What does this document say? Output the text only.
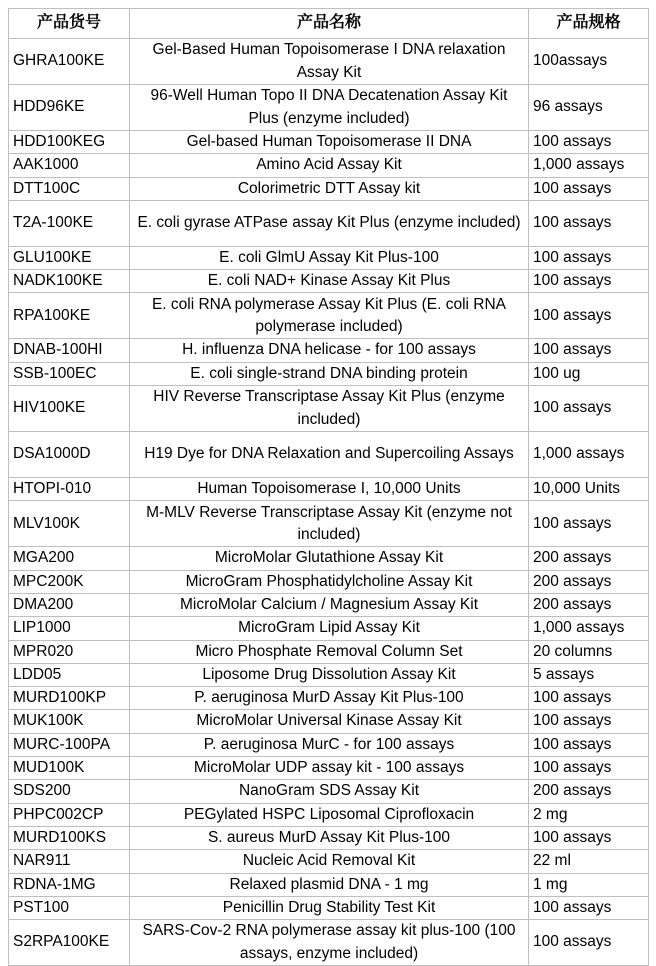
产品货号	产品名称	产品规格
GHRA100KE	Gel-Based Human Topoisomerase I DNA relaxation Assay Kit	100assays
HDD96KE	96-Well Human Topo II DNA Decatenation Assay Kit Plus (enzyme included)	96 assays
HDD100KEG	Gel-based Human Topoisomerase II DNA	100 assays
AAK1000	Amino Acid Assay Kit	1,000 assays
DTT100C	Colorimetric DTT Assay kit	100 assays
T2A-100KE	E. coli gyrase ATPase assay Kit Plus (enzyme included)	100 assays
GLU100KE	E. coli GlmU Assay Kit Plus-100	100 assays
NADK100KE	E. coli NAD+ Kinase Assay Kit Plus	100 assays
RPA100KE	E. coli RNA polymerase Assay Kit Plus (E. coli RNA polymerase included)	100 assays
DNAB-100HI	H. influenza DNA helicase - for 100 assays	100 assays
SSB-100EC	E. coli single-strand DNA binding protein	100 ug
HIV100KE	HIV Reverse Transcriptase Assay Kit Plus (enzyme included)	100 assays
DSA1000D	H19 Dye for DNA Relaxation and Supercoiling Assays	1,000 assays
HTOPI-010	Human Topoisomerase I, 10,000 Units	10,000 Units
MLV100K	M-MLV Reverse Transcriptase Assay Kit (enzyme not included)	100 assays
MGA200	MicroMolar Glutathione Assay Kit	200 assays
MPC200K	MicroGram Phosphatidylcholine Assay Kit	200 assays
DMA200	MicroMolar Calcium / Magnesium Assay Kit	200 assays
LIP1000	MicroGram Lipid Assay Kit	1,000 assays
MPR020	Micro Phosphate Removal Column Set	20 columns
LDD05	Liposome Drug Dissolution Assay Kit	5 assays
MURD100KP	P. aeruginosa MurD Assay Kit Plus-100	100 assays
MUK100K	MicroMolar Universal Kinase Assay Kit	100 assays
MURC-100PA	P. aeruginosa MurC - for 100 assays	100 assays
MUD100K	MicroMolar UDP assay kit - 100 assays	100 assays
SDS200	NanoGram SDS Assay Kit	200 assays
PHPC002CP	PEGylated HSPC Liposomal Ciprofloxacin	2 mg
MURD100KS	S. aureus MurD Assay Kit Plus-100	100 assays
NAR911	Nucleic Acid Removal Kit	22 ml
RDNA-1MG	Relaxed plasmid DNA - 1 mg	1 mg
PST100	Penicillin Drug Stability Test Kit	100 assays
S2RPA100KE	SARS-Cov-2 RNA polymerase assay kit plus-100 (100 assays, enzyme included)	100 assays
